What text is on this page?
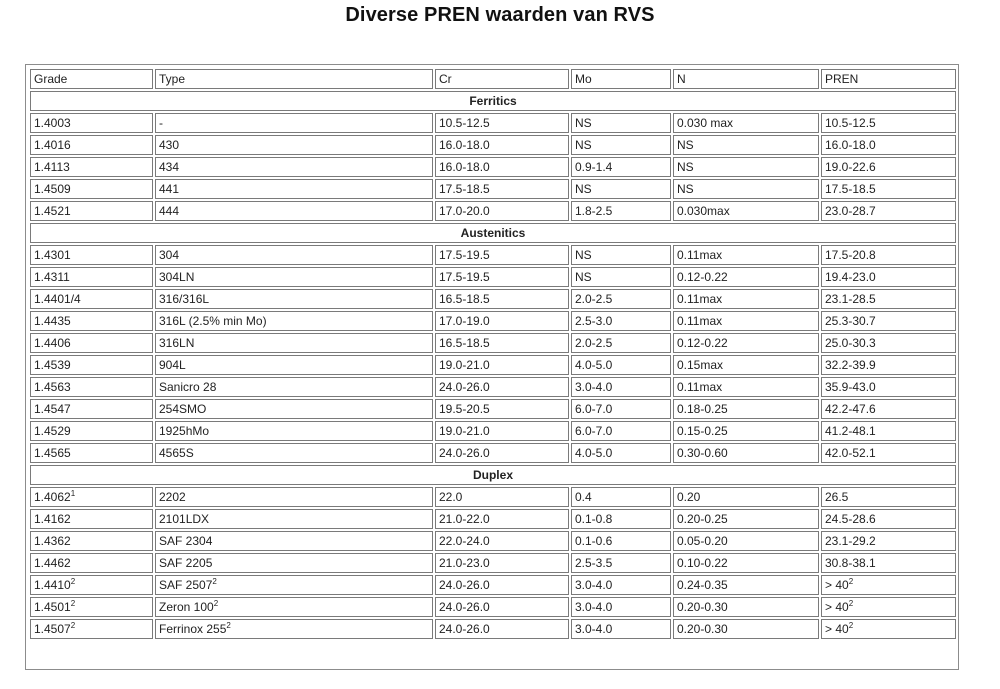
Diverse PREN waarden van RVS
Grade	Type	Cr	Mo	N	PREN
Ferritics					
1.4003	-	10.5-12.5	NS	0.030 max	10.5-12.5
1.4016	430	16.0-18.0	NS	NS	16.0-18.0
1.4113	434	16.0-18.0	0.9-1.4	NS	19.0-22.6
1.4509	441	17.5-18.5	NS	NS	17.5-18.5
1.4521	444	17.0-20.0	1.8-2.5	0.030max	23.0-28.7
Austenitics					
1.4301	304	17.5-19.5	NS	0.11max	17.5-20.8
1.4311	304LN	17.5-19.5	NS	0.12-0.22	19.4-23.0
1.4401/4	316/316L	16.5-18.5	2.0-2.5	0.11max	23.1-28.5
1.4435	316L (2.5% min Mo)	17.0-19.0	2.5-3.0	0.11max	25.3-30.7
1.4406	316LN	16.5-18.5	2.0-2.5	0.12-0.22	25.0-30.3
1.4539	904L	19.0-21.0	4.0-5.0	0.15max	32.2-39.9
1.4563	Sanicro 28	24.0-26.0	3.0-4.0	0.11max	35.9-43.0
1.4547	254SMO	19.5-20.5	6.0-7.0	0.18-0.25	42.2-47.6
1.4529	1925hMo	19.0-21.0	6.0-7.0	0.15-0.25	41.2-48.1
1.4565	4565S	24.0-26.0	4.0-5.0	0.30-0.60	42.0-52.1
Duplex					
1.4062$^1$	2202	22.0	0.4	0.20	26.5
1.4162	2101LDX	21.0-22.0	0.1-0.8	0.20-0.25	24.5-28.6
1.4362	SAF 2304	22.0-24.0	0.1-0.6	0.05-0.20	23.1-29.2
1.4462	SAF 2205	21.0-23.0	2.5-3.5	0.10-0.22	30.8-38.1
1.4410$^2$	SAF 2507$^2$	24.0-26.0	3.0-4.0	0.24-0.35	> $40^2$
1.4501$^2$	Zeron $100^2$	24.0-26.0	3.0-4.0	0.20-0.30	> $40^2$
1.4507$^2$	Ferrinox $255^2$	24.0-26.0	3.0-4.0	0.20-0.30	> $40^2$
